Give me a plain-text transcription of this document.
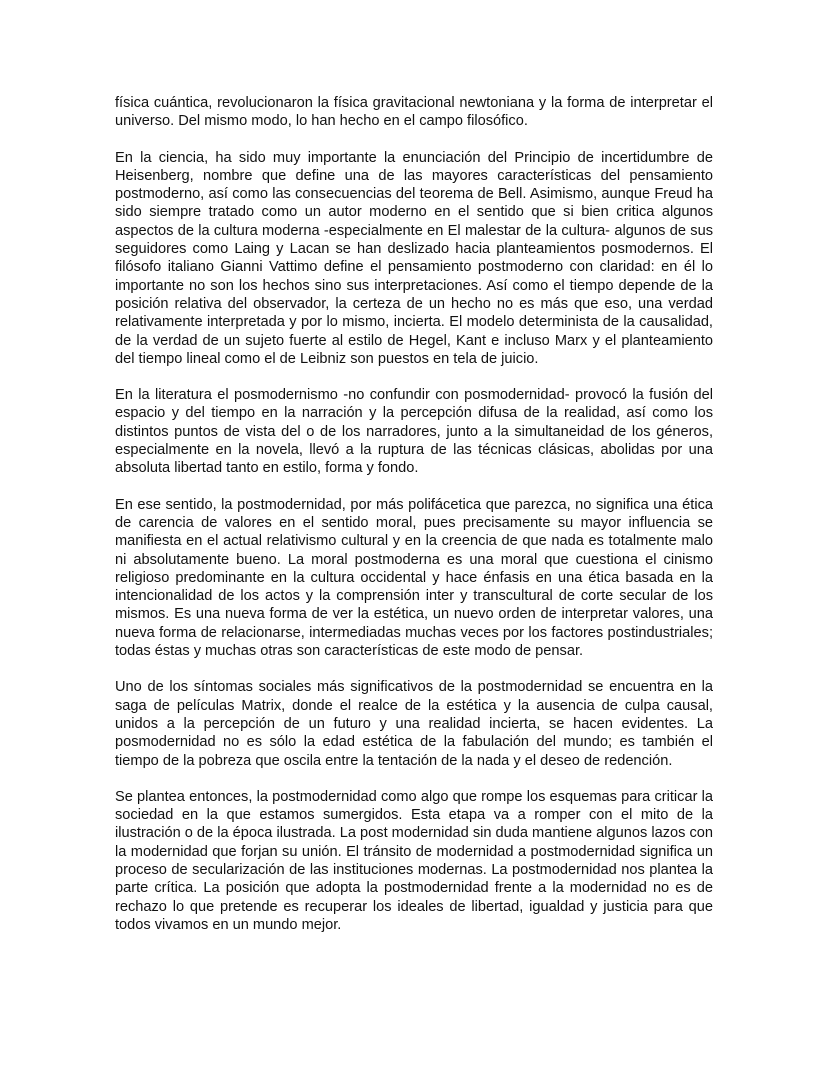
física cuántica, revolucionaron la física gravitacional newtoniana y la forma de interpretar el universo. Del mismo modo, lo han hecho en el campo filosófico.

En la ciencia, ha sido muy importante la enunciación del Principio de incertidumbre de Heisenberg, nombre que define una de las mayores características del pensamiento postmoderno, así como las consecuencias del teorema de Bell. Asimismo, aunque Freud ha sido siempre tratado como un autor moderno en el sentido que si bien critica algunos aspectos de la cultura moderna -especialmente en El malestar de la cultura- algunos de sus seguidores como Laing y Lacan se han deslizado hacia planteamientos posmodernos. El filósofo italiano Gianni Vattimo define el pensamiento postmoderno con claridad: en él lo importante no son los hechos sino sus interpretaciones. Así como el tiempo depende de la posición relativa del observador, la certeza de un hecho no es más que eso, una verdad relativamente interpretada y por lo mismo, incierta. El modelo determinista de la causalidad, de la verdad de un sujeto fuerte al estilo de Hegel, Kant e incluso Marx y el planteamiento del tiempo lineal como el de Leibniz son puestos en tela de juicio.

En la literatura el posmodernismo -no confundir con posmodernidad- provocó la fusión del espacio y del tiempo en la narración y la percepción difusa de la realidad, así como los distintos puntos de vista del o de los narradores, junto a la simultaneidad de los géneros, especialmente en la novela, llevó a la ruptura de las técnicas clásicas, abolidas por una absoluta libertad tanto en estilo, forma y fondo.

En ese sentido, la postmodernidad, por más polifácetica que parezca, no significa una ética de carencia de valores en el sentido moral, pues precisamente su mayor influencia se manifiesta en el actual relativismo cultural y en la creencia de que nada es totalmente malo ni absolutamente bueno. La moral postmoderna es una moral que cuestiona el cinismo religioso predominante en la cultura occidental y hace énfasis en una ética basada en la intencionalidad de los actos y la comprensión inter y transcultural de corte secular de los mismos. Es una nueva forma de ver la estética, un nuevo orden de interpretar valores, una nueva forma de relacionarse, intermediadas muchas veces por los factores postindustriales; todas éstas y muchas otras son características de este modo de pensar.

Uno de los síntomas sociales más significativos de la postmodernidad se encuentra en la saga de películas Matrix, donde el realce de la estética y la ausencia de culpa causal, unidos a la percepción de un futuro y una realidad incierta, se hacen evidentes. La posmodernidad no es sólo la edad estética de la fabulación del mundo; es también el tiempo de la pobreza que oscila entre la tentación de la nada y el deseo de redención.

Se plantea entonces, la postmodernidad como algo que rompe los esquemas para criticar la sociedad en la que estamos sumergidos. Esta etapa va a romper con el mito de la ilustración o de la época ilustrada. La post modernidad sin duda mantiene algunos lazos con la modernidad que forjan su unión. El tránsito de modernidad a postmodernidad significa un proceso de secularización de las instituciones modernas. La postmodernidad nos plantea la parte crítica. La posición que adopta la postmodernidad frente a la modernidad no es de rechazo lo que pretende es recuperar los ideales de libertad, igualdad y justicia para que todos vivamos en un mundo mejor.
